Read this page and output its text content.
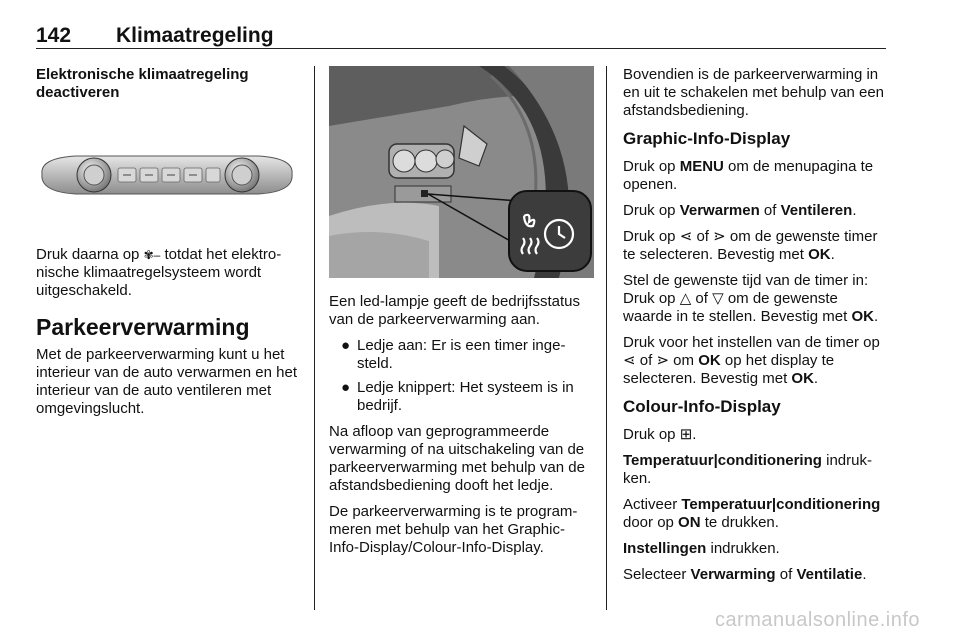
142 Klimaatregeling
Elektronische klimaatregeling deactiveren

Druk daarna op ✾– totdat het elektronische klimaatregelsysteem wordt uitgeschakeld.

Parkeerverwarming

Met de parkeerverwarming kunt u het interieur van de auto verwarmen en het interieur van de auto ventileren met omgevingslucht.

Een led-lampje geeft de bedrijfsstatus van de parkeerverwarming aan.

● Ledje aan: Er is een timer ingesteld.
● Ledje knippert: Het systeem is in bedrijf.

Na afloop van geprogrammeerde verwarming of na uitschakeling van de parkeerverwarming met behulp van de afstandsbediening dooft het ledje.

De parkeerverwarming is te programmeren met behulp van het Graphic-Info-Display/Colour-Info-Display.

Bovendien is de parkeerverwarming in en uit te schakelen met behulp van een afstandsbediening.

Graphic-Info-Display

Druk op MENU om de menupagina te openen.

Druk op Verwarmen of Ventileren.

Druk op ⋖ of ⋗ om de gewenste timer te selecteren. Bevestig met OK.

Stel de gewenste tijd van de timer in: Druk op △ of ▽ om de gewenste waarde in te stellen. Bevestig met OK.

Druk voor het instellen van de timer op ⋖ of ⋗ om OK op het display te selecteren. Bevestig met OK.

Colour-Info-Display

Druk op ⊞.

Temperatuur|conditionering indrukken.

Activeer Temperatuur|conditionering door op ON te drukken.

Instellingen indrukken.

Selecteer Verwarming of Ventilatie.

carmanualsonline.info
